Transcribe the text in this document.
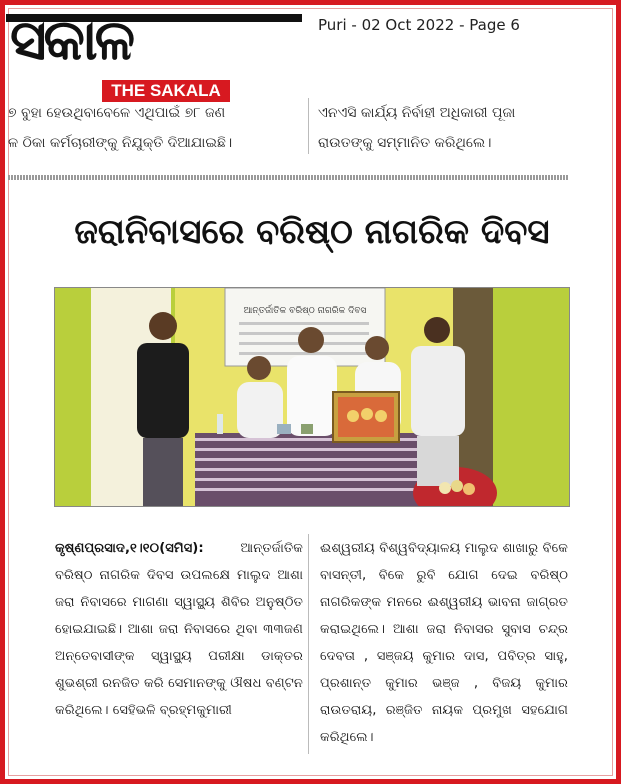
ସକାଳ
THE SAKALA
Puri - 02 Oct 2022 - Page 6
୭ ବୁହା ହେଉଥିବାବେଳେ ଏଥିପାଇଁ ୭୮ ଜଣ
ଳ ଠିକା କର୍ମଚାରୀଙ୍କୁ ନିଯୁକ୍ତି ଦିଆଯାଇଛି।
ଏନଏସି କାର୍ଯ୍ୟ ନିର୍ବାହୀ ଅଧିକାରୀ ପୂଜା
ରାଉତଙ୍କୁ ସମ୍ମାନିତ କରିଥିଲେ।
ଜରାନିବାସରେ ବରିଷ୍ଠ ନାଗରିକ ଦିବସ
ଆନ୍ତର୍ଜାତିକ ବରିଷ୍ଠ ନାଗରିକ ଦିବସ
କୃଷ୍ଣପ୍ରସାଦ,୧।୧୦(ସମିସ):	ଆନ୍ତର୍ଜାତିକ ବରିଷ୍ଠ ନାଗରିକ ଦିବସ ଉପଲକ୍ଷେ ମାଲୁଦ ଆଶା ଜରା ନିବାସରେ ମାଗଣା ସ୍ୱାସ୍ଥ୍ୟ ଶିବିର ଅନୁଷ୍ଠିତ ହୋଇଯାଇଛି। ଆଶା ଜରା ନିବାସରେ ଥିବା ୩୩ଜଣ ଅନ୍ତେବାସୀଙ୍କ ସ୍ୱାସ୍ଥ୍ୟ ପରୀକ୍ଷା ଡାକ୍ତର ଶୁଭଶ୍ରୀ ରନଜିତ କରି ସେମାନଙ୍କୁ ଔଷଧ ବଣ୍ଟନ କରିଥିଲେ। ସେହିଭଳି ବ୍ରହ୍ମକୁମାରୀ
ଈଶ୍ୱରୀୟ ବିଶ୍ୱବିଦ୍ୟାଳୟ ମାଲୁଦ ଶାଖାରୁ ବିକେ ବାସନ୍ତୀ, ବିକେ ରୁବି ଯୋଗ ଦେଇ ବରିଷ୍ଠ ନାଗରିକଙ୍କ ମନରେ ଈଶ୍ୱରୀୟ ଭାବନା ଜାଗ୍ରତ କରାଇଥିଲେ। ଆଶା ଜରା ନିବାସର ସୁବାସ ଚନ୍ଦ୍ର ଦେବତା , ସଞ୍ଜୟ କୁମାର ଦାସ, ପବିତ୍ର ସାହୁ, ପ୍ରଶାନ୍ତ କୁମାର ଭଞ୍ଜ , ବିଜୟ କୁମାର ରାଉତରାୟ, ରଞ୍ଜିତ ନାୟକ ପ୍ରମୁଖ ସହଯୋଗ କରିଥିଲେ।
